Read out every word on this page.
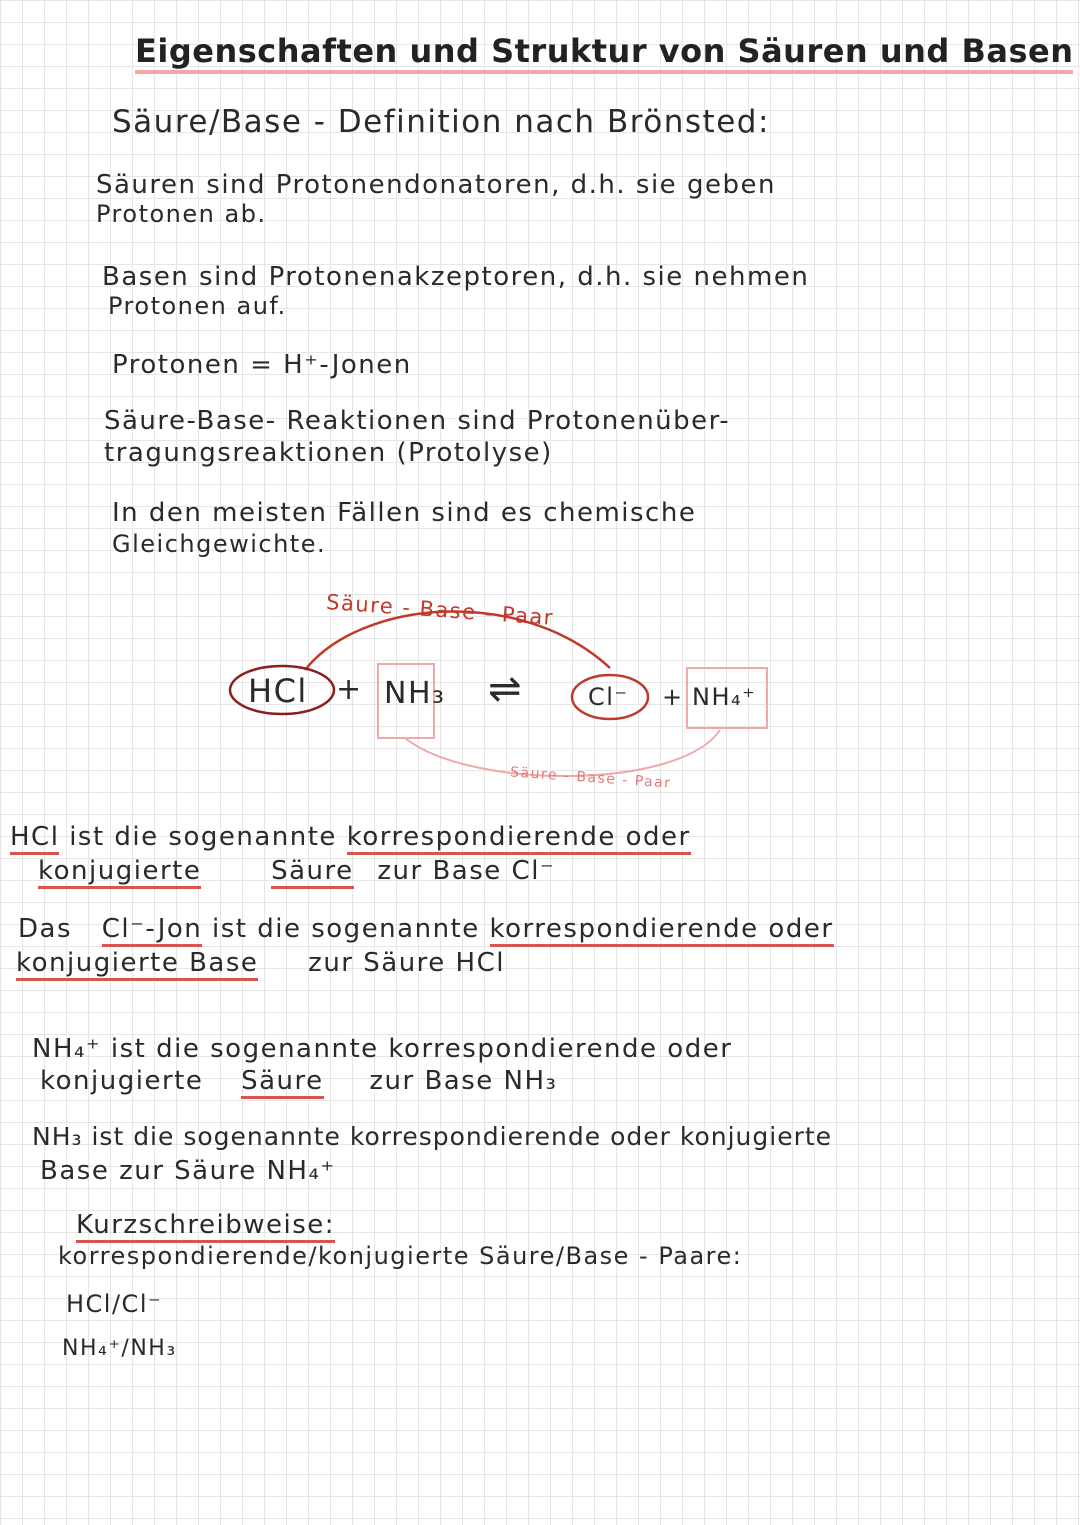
Eigenschaften und Struktur von Säuren und Basen
Säure/Base - Definition nach Brönsted:
Säuren sind Protonendonatoren, d.h. sie geben
Protonen ab.
Basen sind Protonenakzeptoren, d.h. sie nehmen
Protonen auf.
Protonen = H⁺-Jonen
Säure-Base- Reaktionen sind Protonenüber-
tragungsreaktionen (Protolyse)
In den meisten Fällen sind es chemische
Gleichgewichte.
Säure - Base - Paar
Säure - Base - Paar
HCl + NH₃ ⇌	Cl⁻ + NH₄⁺
HCl ist die sogenannte korrespondierende oder
konjugierte	Säure zur Base Cl⁻
Das Cl⁻-Jon ist die sogenannte korrespondierende oder
konjugierte Base zur Säure HCl
NH₄⁺ ist die sogenannte korrespondierende oder
konjugierte Säure zur Base NH₃
NH₃ ist die sogenannte korrespondierende oder konjugierte
Base zur Säure NH₄⁺
Kurzschreibweise:
korrespondierende/konjugierte Säure/Base - Paare:
HCl/Cl⁻
NH₄⁺/NH₃
